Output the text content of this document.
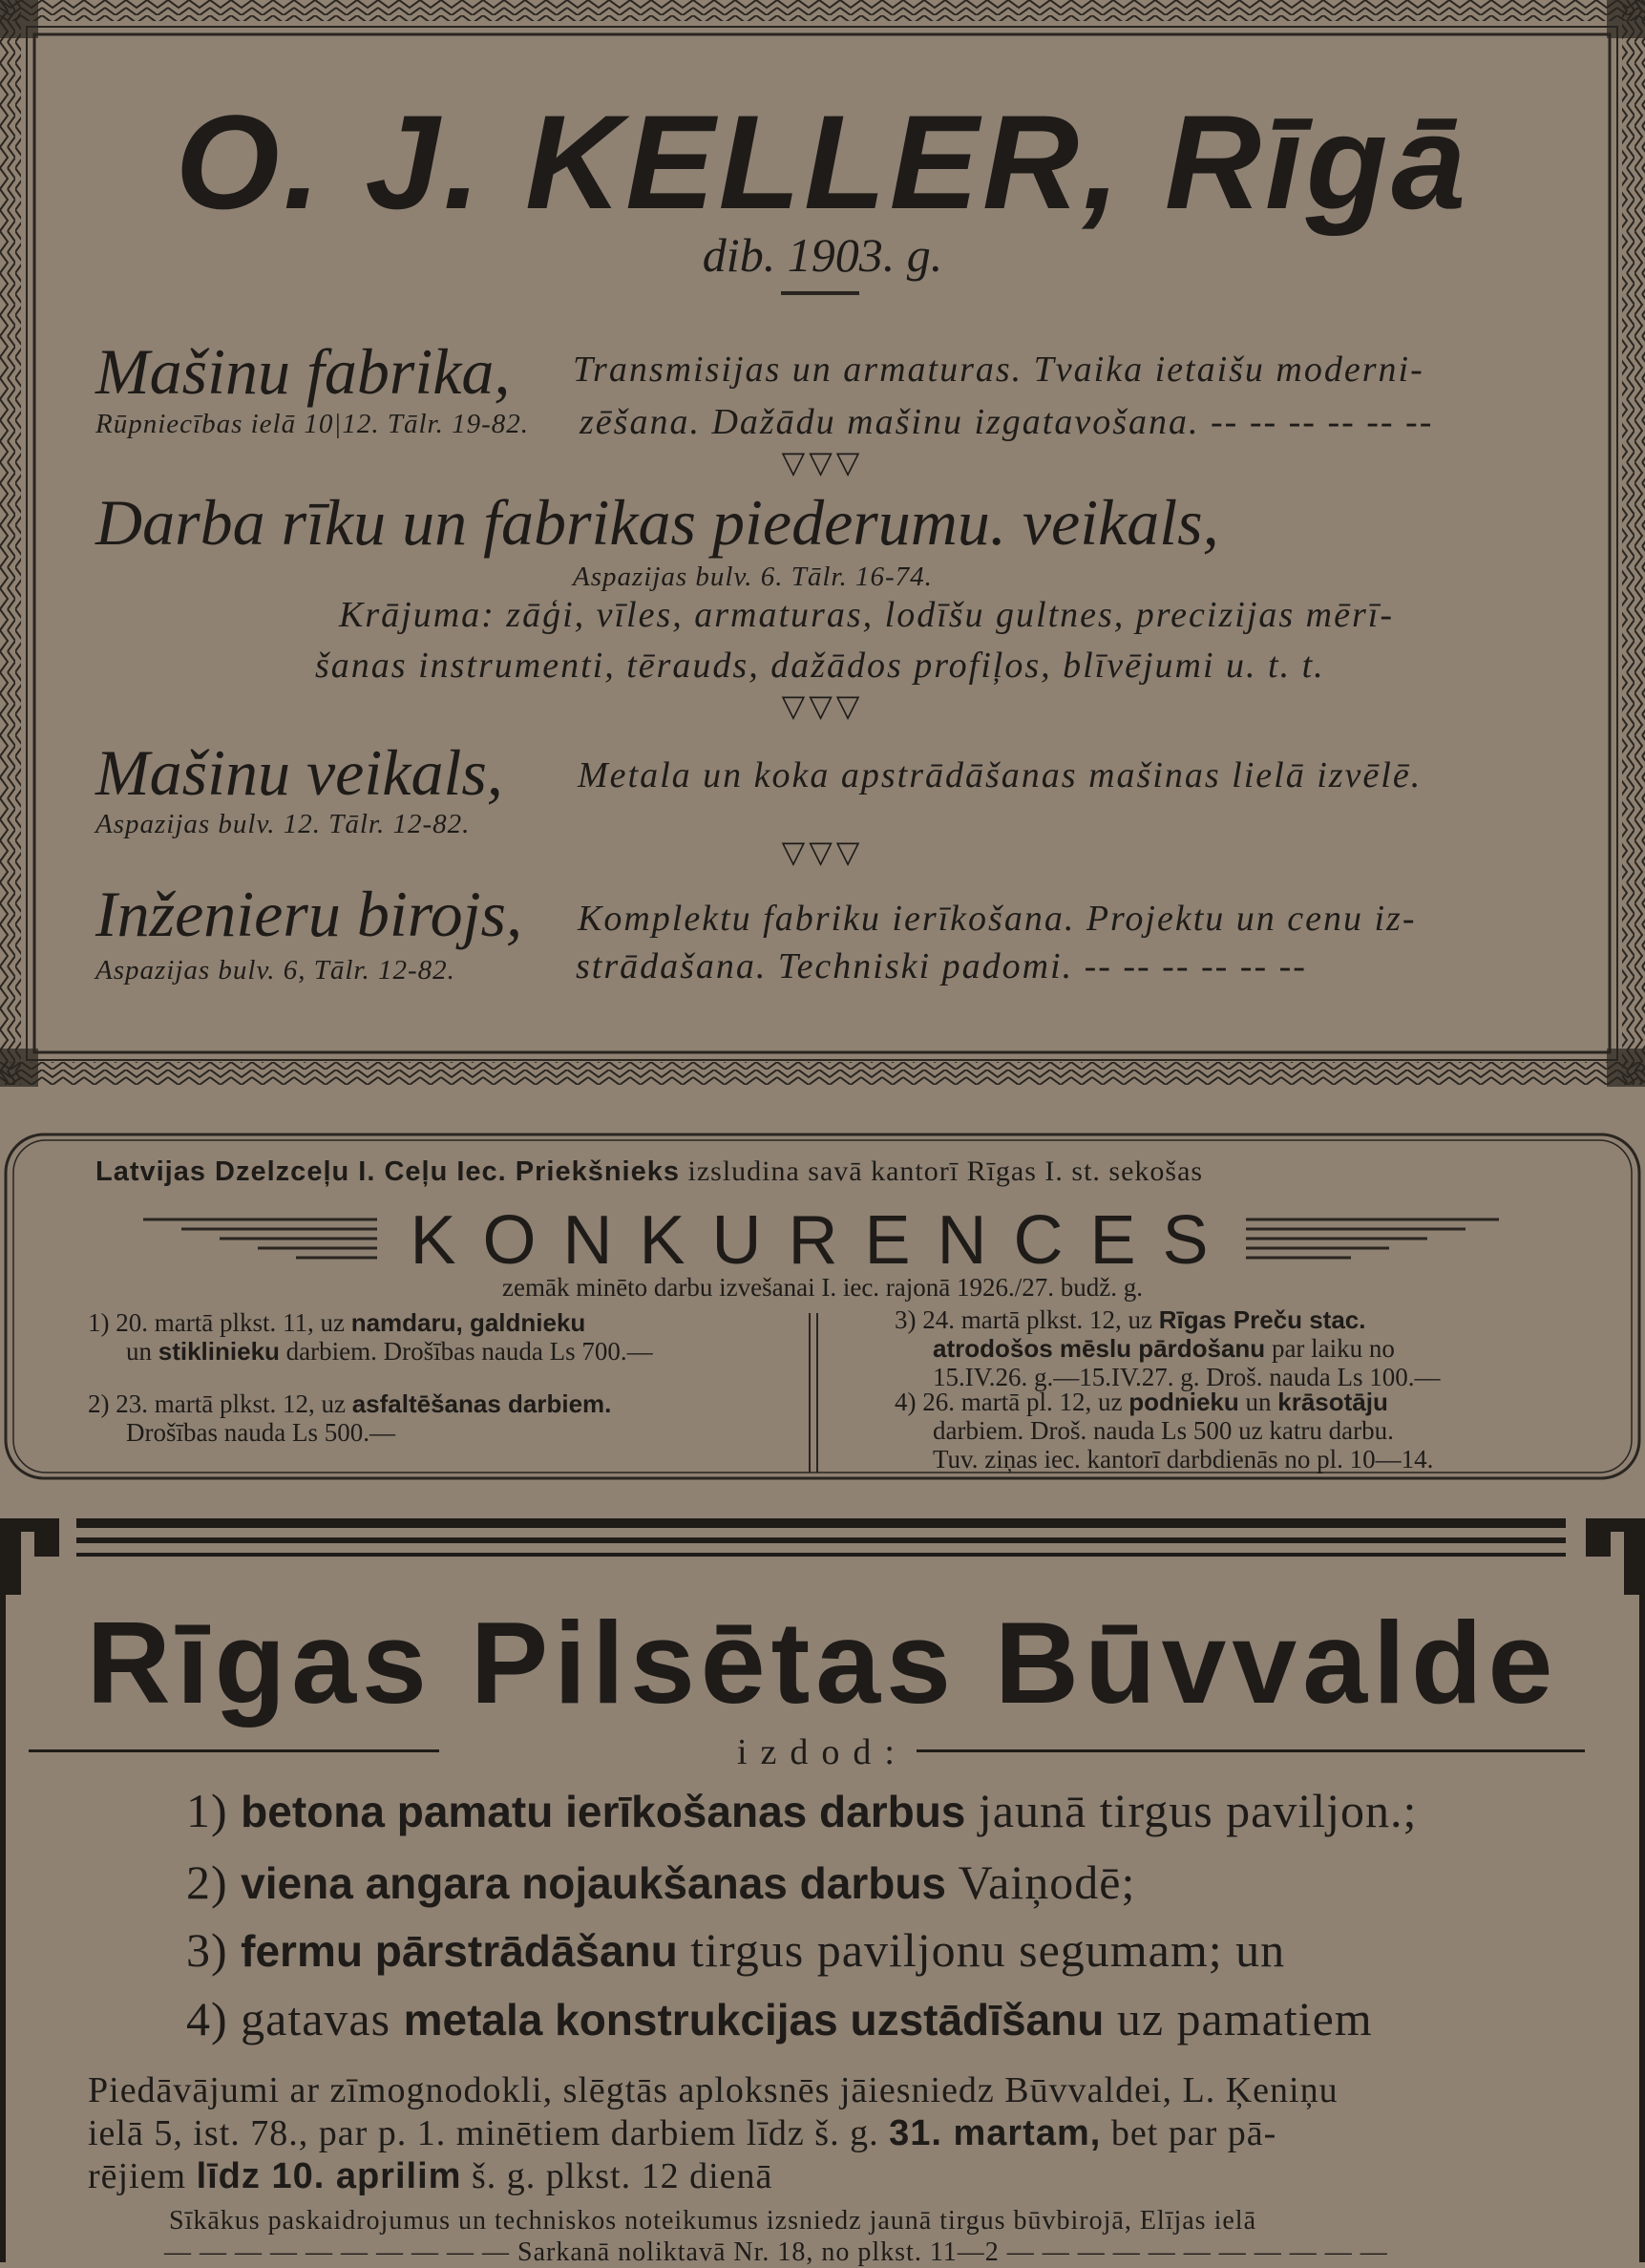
O. J. KELLER, Rīgā
dib. 1903. g.
Mašinu fabrika,
Rūpniecības ielā 10|12. Tālr. 19-82.
Transmisijas un armaturas. Tvaika ietaišu moderni-
zēšana. Dažādu mašinu izgatavošana. -- -- -- -- -- --
▽▽▽
Darba rīku un fabrikas piederumu. veikals,
Aspazijas bulv. 6. Tālr. 16-74.
Krājuma: zāģi, vīles, armaturas, lodīšu gultnes, precizijas mērī-
šanas instrumenti, tērauds, dažādos profiļos, blīvējumi u. t. t.
▽▽▽
Mašinu veikals,
Aspazijas bulv. 12. Tālr. 12-82.
Metala un koka apstrādāšanas mašinas lielā izvēlē.
▽▽▽
Inženieru birojs,
Aspazijas bulv. 6, Tālr. 12-82.
Komplektu fabriku ierīkošana. Projektu un cenu iz-
strādašana. Techniski padomi. -- -- -- -- -- --
Latvijas Dzelzceļu I. Ceļu Iec. Priekšnieks izsludina savā kantorī Rīgas I. st. sekošas
KONKURENCES
zemāk minēto darbu izvešanai I. iec. rajonā 1926./27. budž. g.
1) 20. martā plkst. 11, uz namdaru, galdnieku
un stiklinieku darbiem. Drošības nauda Ls 700.—
2) 23. martā plkst. 12, uz asfaltēšanas darbiem.
Drošības nauda Ls 500.—
3) 24. martā plkst. 12, uz Rīgas Preču stac.
atrodošos mēslu pārdošanu par laiku no
15.IV.26. g.—15.IV.27. g. Droš. nauda Ls 100.—
4) 26. martā pl. 12, uz podnieku un krāsotāju
darbiem. Droš. nauda Ls 500 uz katru darbu.
Tuv. ziņas iec. kantorī darbdienās no pl. 10—14.
Rīgas Pilsētas Būvvalde
izdod:
1) betona pamatu ierīkošanas darbus jaunā tirgus paviljon.;
2) viena angara nojaukšanas darbus Vaiņodē;
3) fermu pārstrādāšanu tirgus paviljonu segumam; un
4) gatavas metala konstrukcijas uzstādīšanu uz pamatiem
Piedāvājumi ar zīmognodokli, slēgtās aploksnēs jāiesniedz Būvvaldei, L. Ķeniņu
ielā 5, ist. 78., par p. 1. minētiem darbiem līdz š. g. 31. martam, bet par pā-
rējiem līdz 10. aprilim š. g. plkst. 12 dienā
Sīkākus paskaidrojumus un techniskos noteikumus izsniedz jaunā tirgus būvbirojā, Elījas ielā
— — — — — — — — — — Sarkanā noliktavā Nr. 18, no plkst. 11—2 — — — — — — — — — — —
